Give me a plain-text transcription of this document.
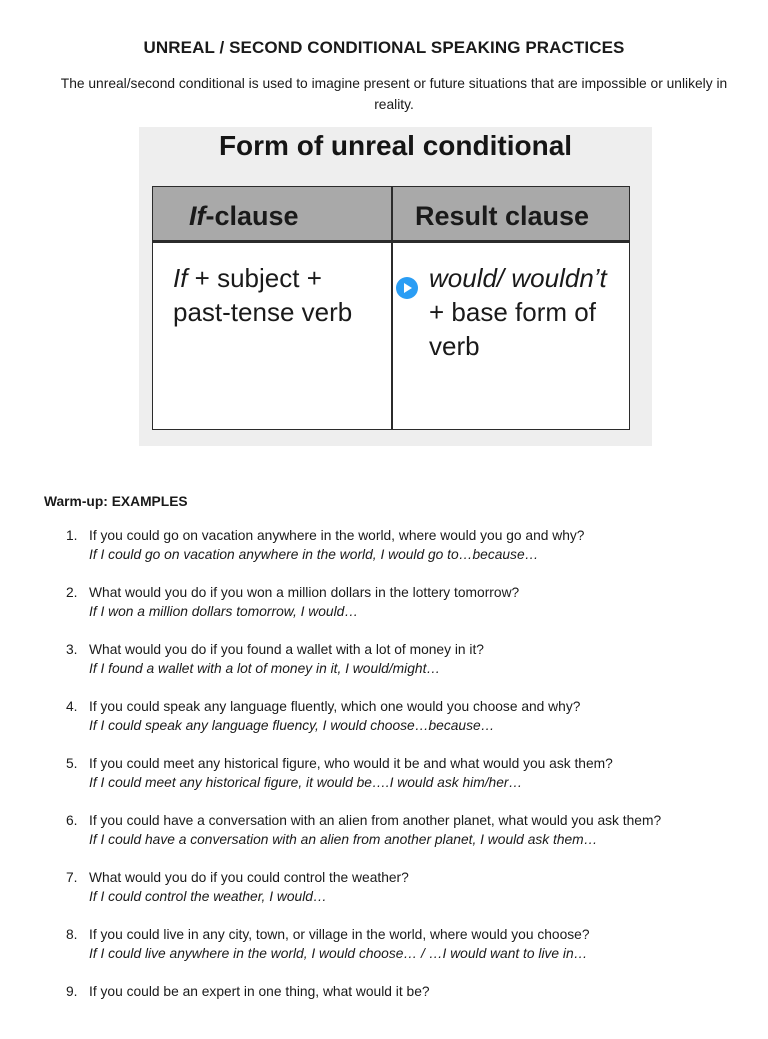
UNREAL / SECOND CONDITIONAL SPEAKING PRACTICES
The unreal/second conditional is used to imagine present or future situations that are impossible or unlikely in reality.
Form of unreal conditional
If-clause	Result clause
If + subject + past-tense verb
would/ wouldn’t + base form of verb
Warm-up: EXAMPLES
1. If you could go on vacation anywhere in the world, where would you go and why?
If I could go on vacation anywhere in the world, I would go to…because…
2. What would you do if you won a million dollars in the lottery tomorrow?
If I won a million dollars tomorrow, I would…
3. What would you do if you found a wallet with a lot of money in it?
If I found a wallet with a lot of money in it, I would/might…
4. If you could speak any language fluently, which one would you choose and why?
If I could speak any language fluency, I would choose…because…
5. If you could meet any historical figure, who would it be and what would you ask them?
If I could meet any historical figure, it would be….I would ask him/her…
6. If you could have a conversation with an alien from another planet, what would you ask them?
If I could have a conversation with an alien from another planet, I would ask them…
7. What would you do if you could control the weather?
If I could control the weather, I would…
8. If you could live in any city, town, or village in the world, where would you choose?
If I could live anywhere in the world, I would choose… / …I would want to live in…
9. If you could be an expert in one thing, what would it be?
